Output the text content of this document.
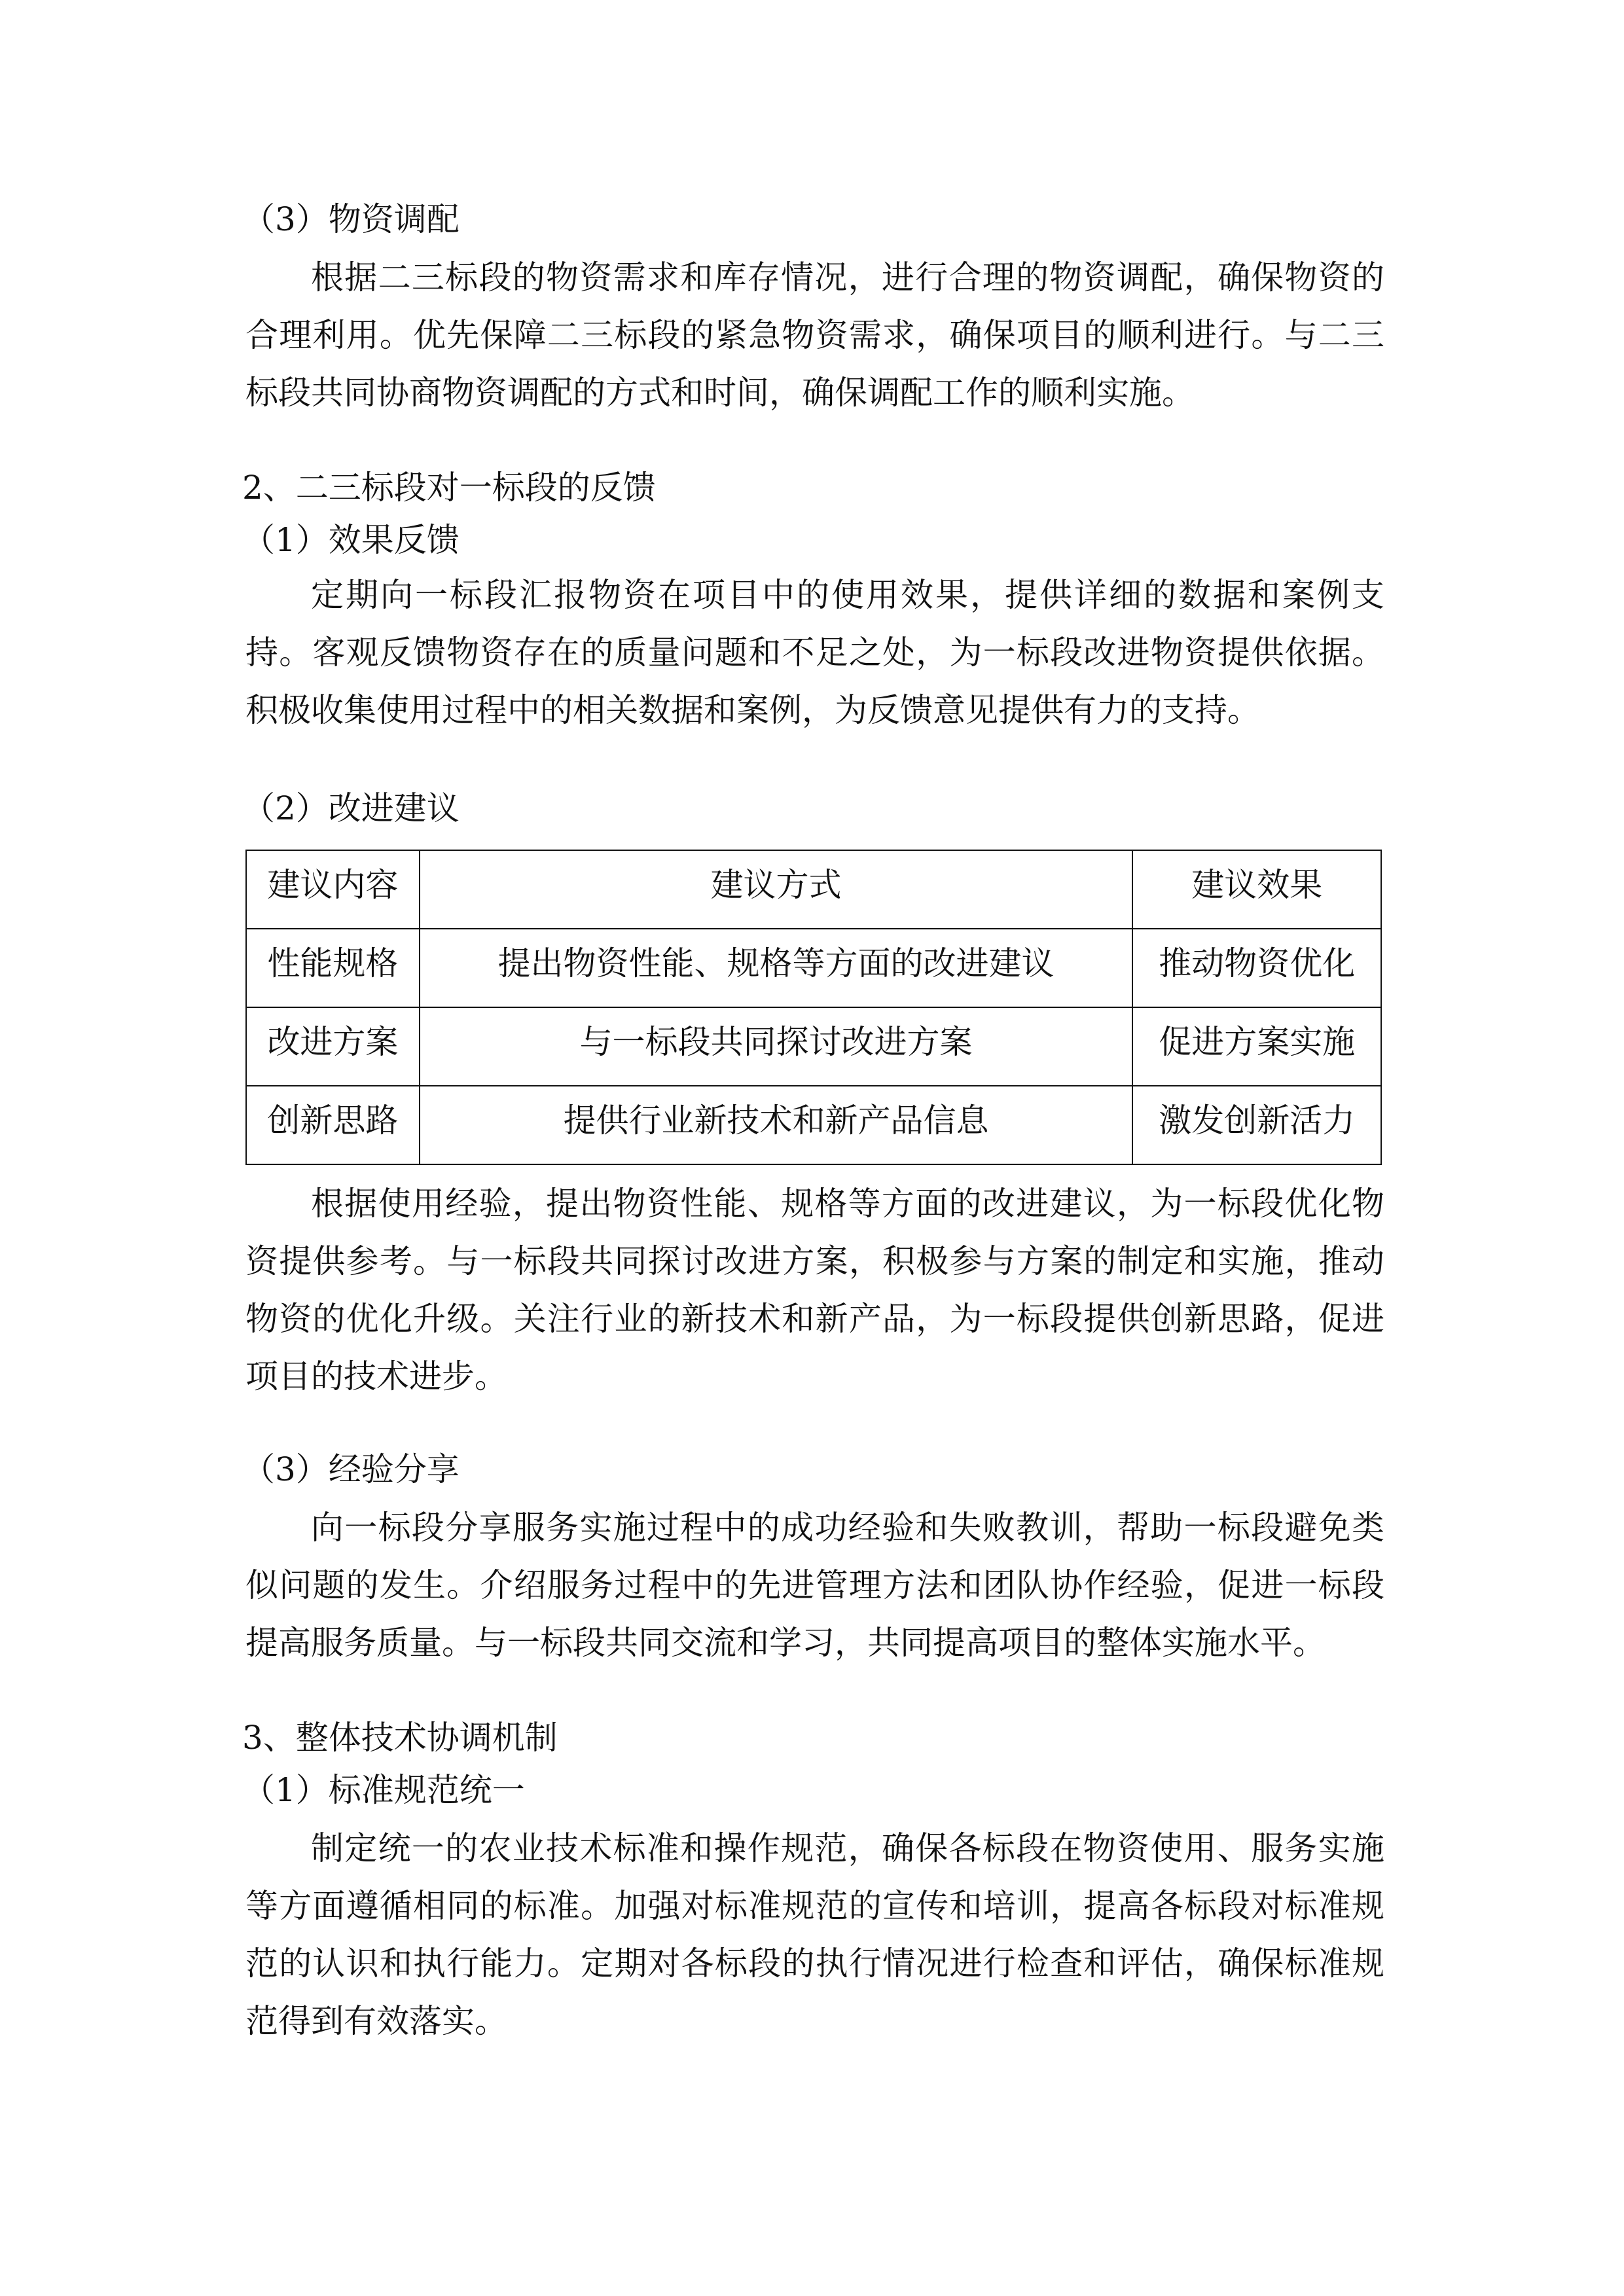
（3）物资调配

根据二三标段的物资需求和库存情况，进行合理的物资调配，确保物资的合理利用。优先保障二三标段的紧急物资需求，确保项目的顺利进行。与二三标段共同协商物资调配的方式和时间，确保调配工作的顺利实施。

2、二三标段对一标段的反馈

（1）效果反馈

定期向一标段汇报物资在项目中的使用效果，提供详细的数据和案例支持。客观反馈物资存在的质量问题和不足之处，为一标段改进物资提供依据。积极收集使用过程中的相关数据和案例，为反馈意见提供有力的支持。

（2）改进建议

建议内容	建议方式	建议效果
性能规格	提出物资性能、规格等方面的改进建议	推动物资优化
改进方案	与一标段共同探讨改进方案	促进方案实施
创新思路	提供行业新技术和新产品信息	激发创新活力

根据使用经验，提出物资性能、规格等方面的改进建议，为一标段优化物资提供参考。与一标段共同探讨改进方案，积极参与方案的制定和实施，推动物资的优化升级。关注行业的新技术和新产品，为一标段提供创新思路，促进项目的技术进步。

（3）经验分享

向一标段分享服务实施过程中的成功经验和失败教训，帮助一标段避免类似问题的发生。介绍服务过程中的先进管理方法和团队协作经验，促进一标段提高服务质量。与一标段共同交流和学习，共同提高项目的整体实施水平。

3、整体技术协调机制

（1）标准规范统一

制定统一的农业技术标准和操作规范，确保各标段在物资使用、服务实施等方面遵循相同的标准。加强对标准规范的宣传和培训，提高各标段对标准规范的认识和执行能力。定期对各标段的执行情况进行检查和评估，确保标准规范得到有效落实。
